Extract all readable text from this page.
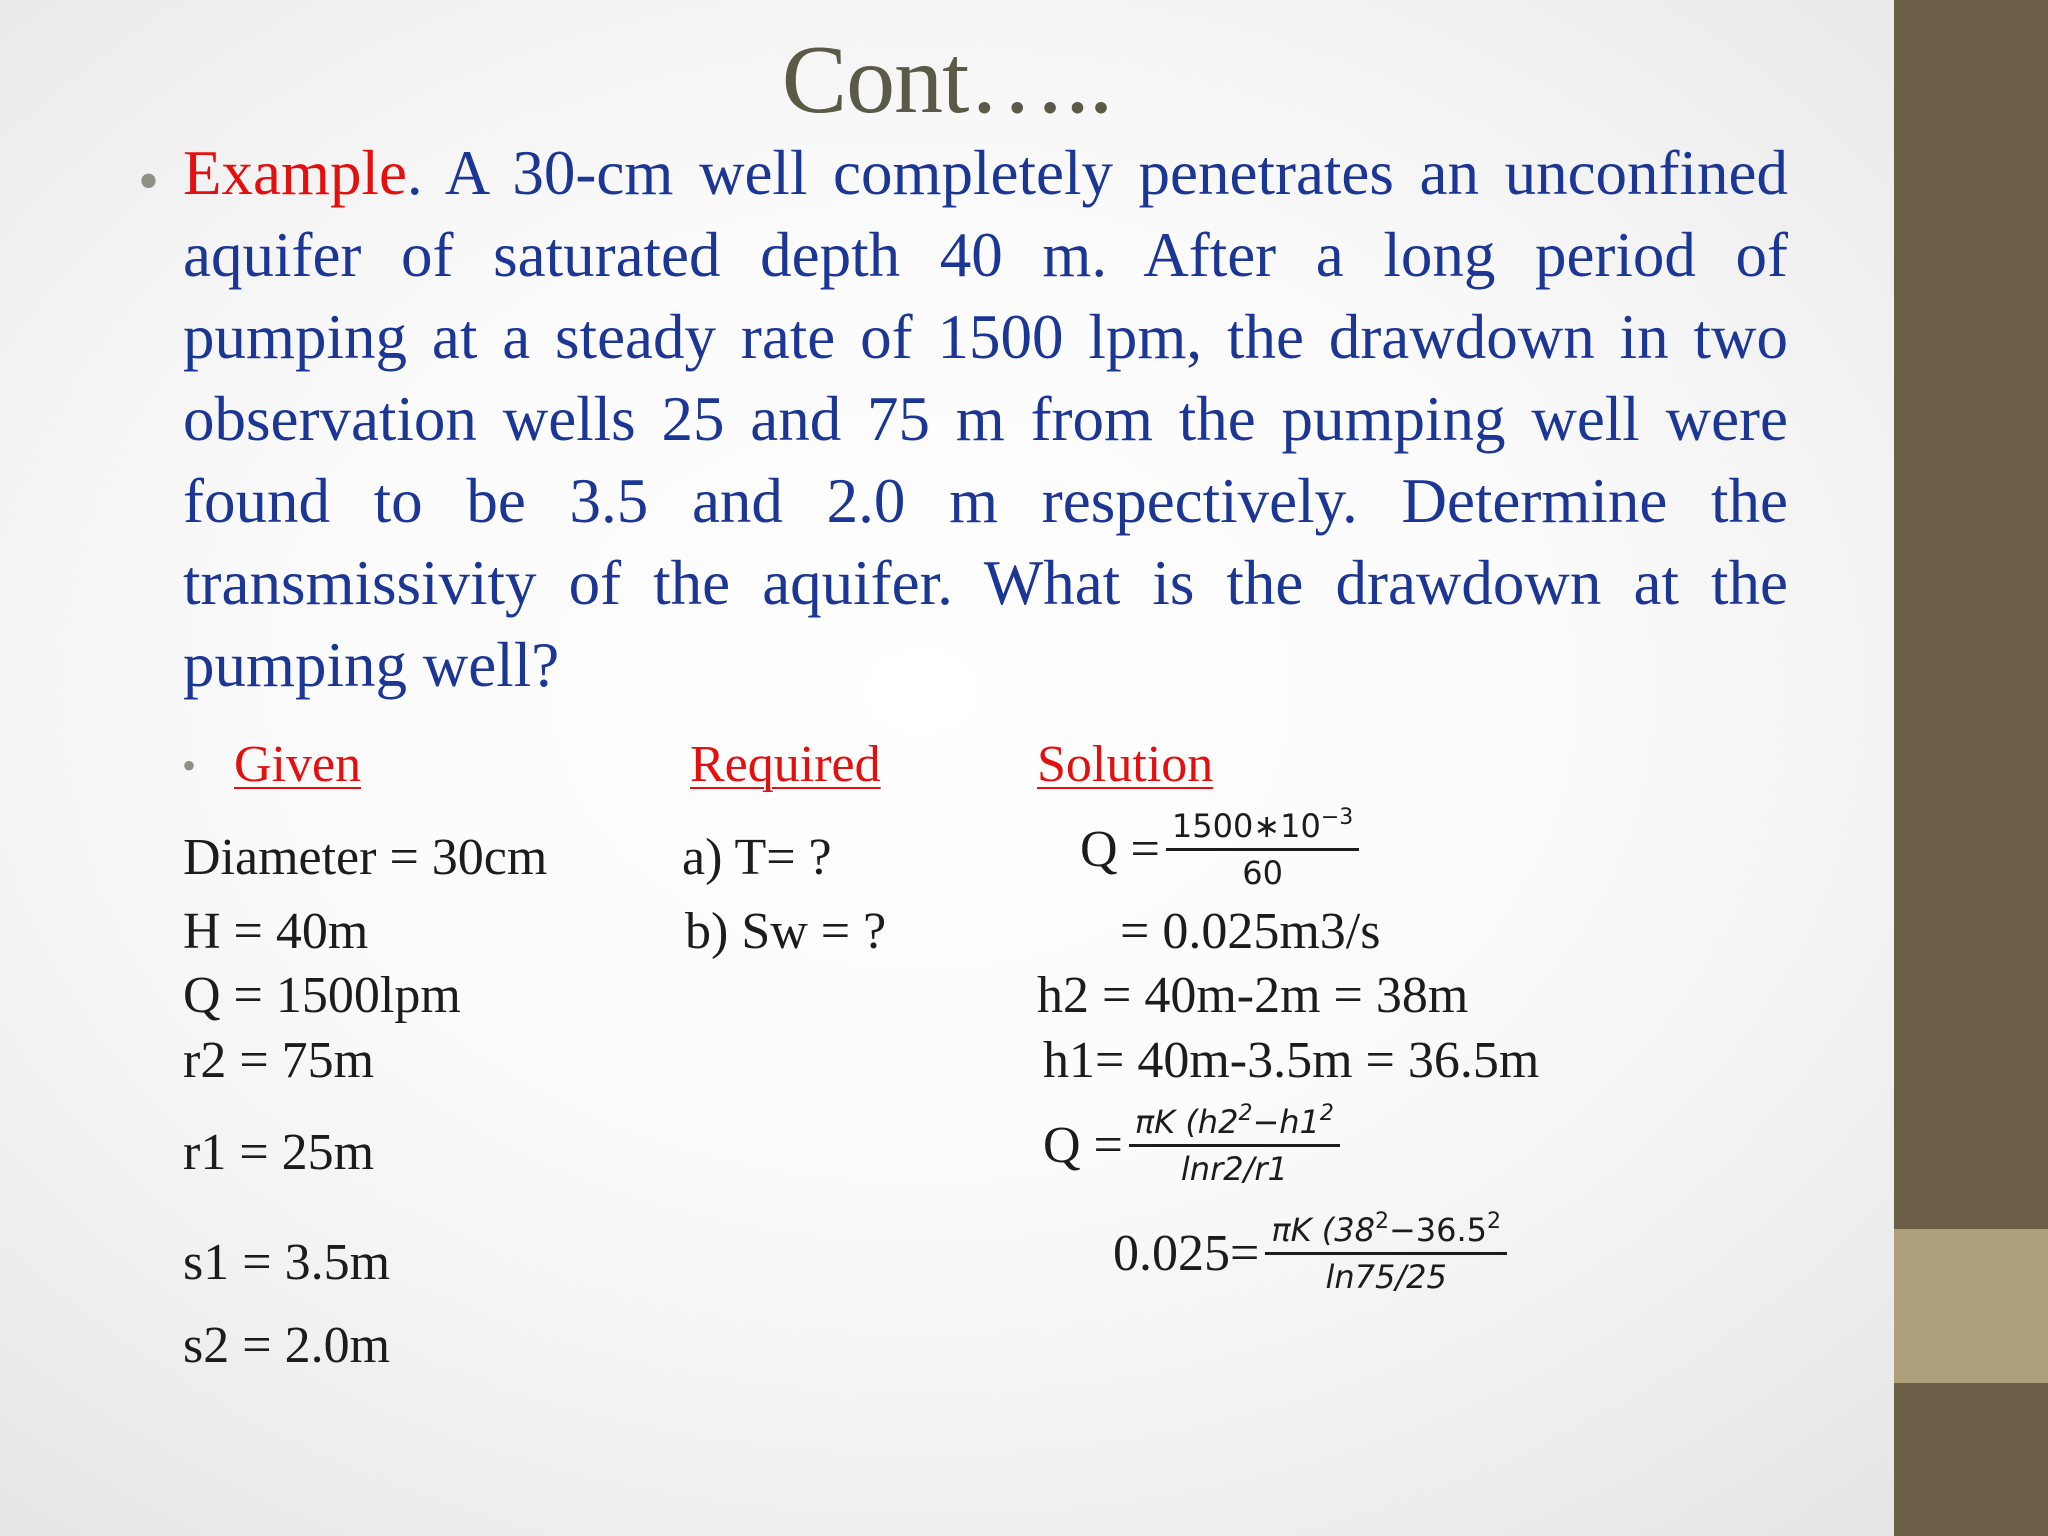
Cont…..
• Example. A 30-cm well completely penetrates an unconfined aquifer of saturated depth 40 m. After a long period of pumping at a steady rate of 1500 lpm, the drawdown in two observation wells 25 and 75 m from the pumping well were found to be 3.5 and 2.0 m respectively. Determine the transmissivity of the aquifer. What is the drawdown at the pumping well?
• Given	Required	Solution
Diameter = 30cm
H = 40m
Q = 1500lpm
r2 = 75m
r1 = 25m
s1 = 3.5m
s2 = 2.0m
a) T= ?
b) Sw = ?
$Q = \frac{1500∗10^{-3}}{60}$
= 0.025m3/s
h2 = 40m-2m = 38m
h1= 40m-3.5m = 36.5m
$Q = \frac{\pi K (h2^2-h1^2}{\ln r2/r1}$
$0.025= \frac{\pi K (38^2-36.5^2}{\ln 75/25}$
